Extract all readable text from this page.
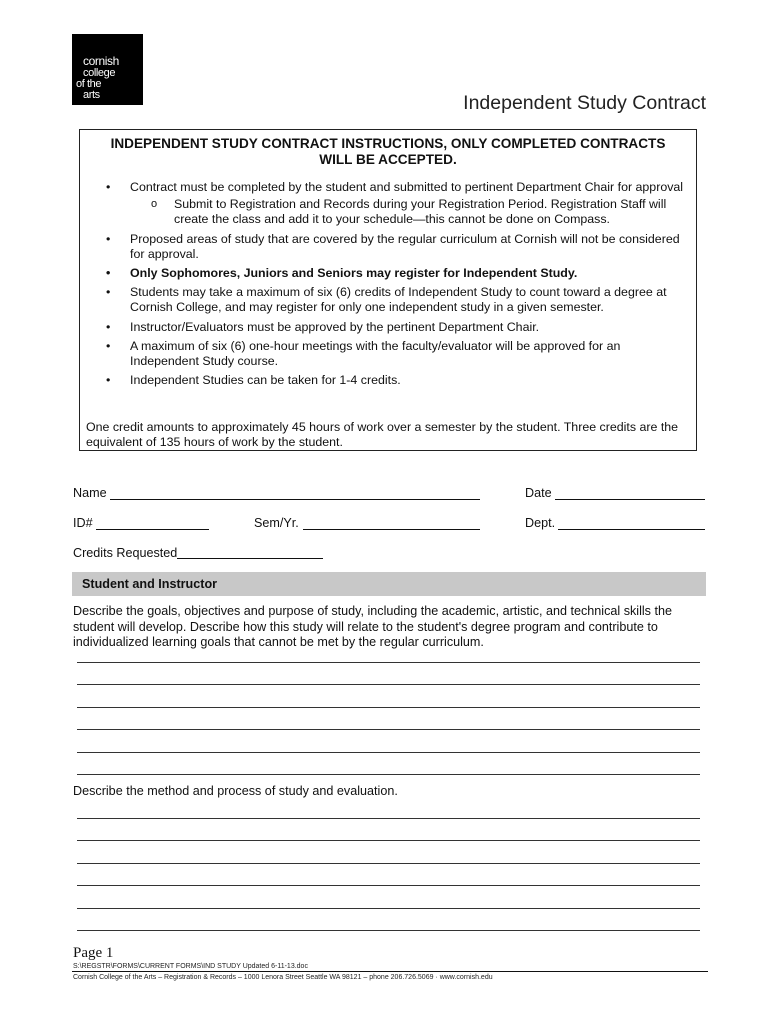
cornish
college
of the
arts	Independent Study Contract
INDEPENDENT STUDY CONTRACT INSTRUCTIONS, ONLY COMPLETED CONTRACTS
WILL BE ACCEPTED.
• Contract must be completed by the student and submitted to pertinent Department Chair for approval
o Submit to Registration and Records during your Registration Period. Registration Staff will create the class and add it to your schedule—this cannot be done on Compass.
• Proposed areas of study that are covered by the regular curriculum at Cornish will not be considered for approval.
• Only Sophomores, Juniors and Seniors may register for Independent Study.
• Students may take a maximum of six (6) credits of Independent Study to count toward a degree at Cornish College, and may register for only one independent study in a given semester.
• Instructor/Evaluators must be approved by the pertinent Department Chair.
• A maximum of six (6) one-hour meetings with the faculty/evaluator will be approved for an Independent Study course.
• Independent Studies can be taken for 1-4 credits.
One credit amounts to approximately 45 hours of work over a semester by the student. Three credits are the equivalent of 135 hours of work by the student.
Name	Date
ID#	Sem/Yr.	Dept.
Credits Requested
Student and Instructor
Describe the goals, objectives and purpose of study, including the academic, artistic, and technical skills the student will develop. Describe how this study will relate to the student's degree program and contribute to individualized learning goals that cannot be met by the regular curriculum.
Describe the method and process of study and evaluation.
Page 1
S:\REGSTR\FORMS\CURRENT FORMS\IND STUDY Updated 6-11-13.doc
Cornish College of the Arts – Registration & Records – 1000 Lenora Street Seattle WA 98121 – phone 206.726.5069 · www.cornish.edu
